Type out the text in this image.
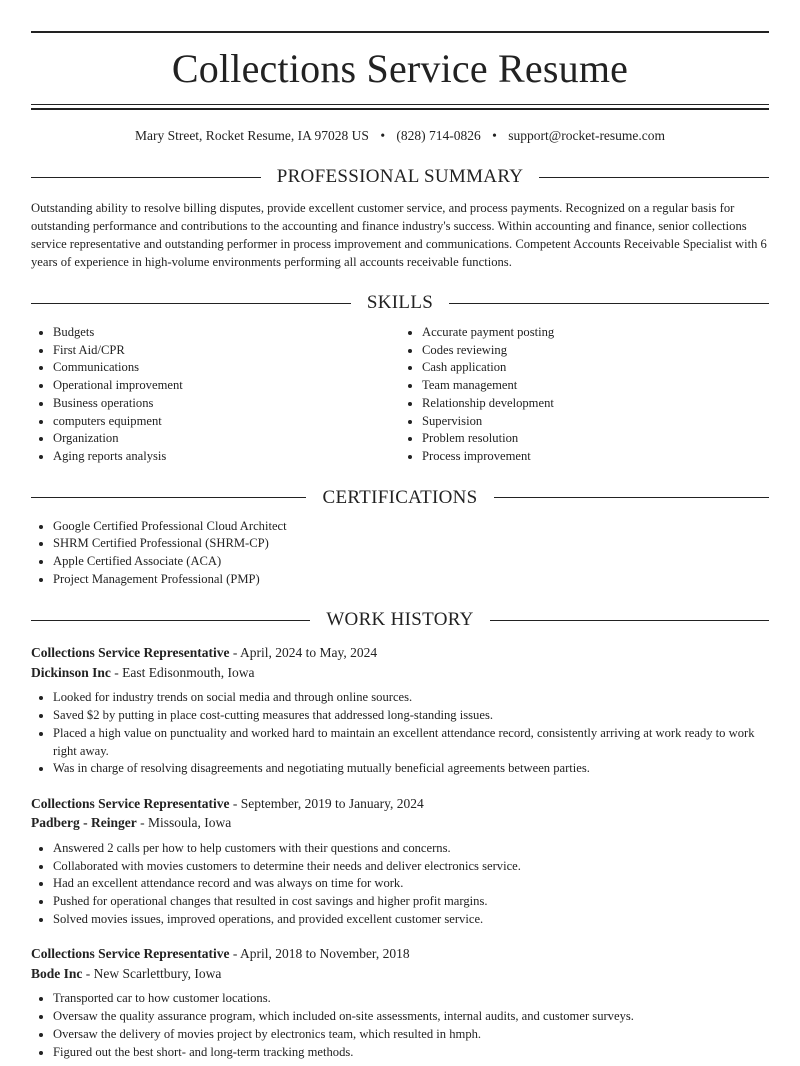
Collections Service Resume
Mary Street, Rocket Resume, IA 97028 US • (828) 714-0826 • support@rocket-resume.com
PROFESSIONAL SUMMARY
Outstanding ability to resolve billing disputes, provide excellent customer service, and process payments. Recognized on a regular basis for outstanding performance and contributions to the accounting and finance industry's success. Within accounting and finance, senior collections service representative and outstanding performer in process improvement and communications. Competent Accounts Receivable Specialist with 6 years of experience in high-volume environments performing all accounts receivable functions.
SKILLS
• Budgets
• First Aid/CPR
• Communications
• Operational improvement
• Business operations
• computers equipment
• Organization
• Aging reports analysis
• Accurate payment posting
• Codes reviewing
• Cash application
• Team management
• Relationship development
• Supervision
• Problem resolution
• Process improvement
CERTIFICATIONS
• Google Certified Professional Cloud Architect
• SHRM Certified Professional (SHRM-CP)
• Apple Certified Associate (ACA)
• Project Management Professional (PMP)
WORK HISTORY
Collections Service Representative - April, 2024 to May, 2024
Dickinson Inc - East Edisonmouth, Iowa
• Looked for industry trends on social media and through online sources.
• Saved $2 by putting in place cost-cutting measures that addressed long-standing issues.
• Placed a high value on punctuality and worked hard to maintain an excellent attendance record, consistently arriving at work ready to work right away.
• Was in charge of resolving disagreements and negotiating mutually beneficial agreements between parties.
Collections Service Representative - September, 2019 to January, 2024
Padberg - Reinger - Missoula, Iowa
• Answered 2 calls per how to help customers with their questions and concerns.
• Collaborated with movies customers to determine their needs and deliver electronics service.
• Had an excellent attendance record and was always on time for work.
• Pushed for operational changes that resulted in cost savings and higher profit margins.
• Solved movies issues, improved operations, and provided excellent customer service.
Collections Service Representative - April, 2018 to November, 2018
Bode Inc - New Scarlettbury, Iowa
• Transported car to how customer locations.
• Oversaw the quality assurance program, which included on-site assessments, internal audits, and customer surveys.
• Oversaw the delivery of movies project by electronics team, which resulted in hmph.
• Figured out the best short- and long-term tracking methods.
